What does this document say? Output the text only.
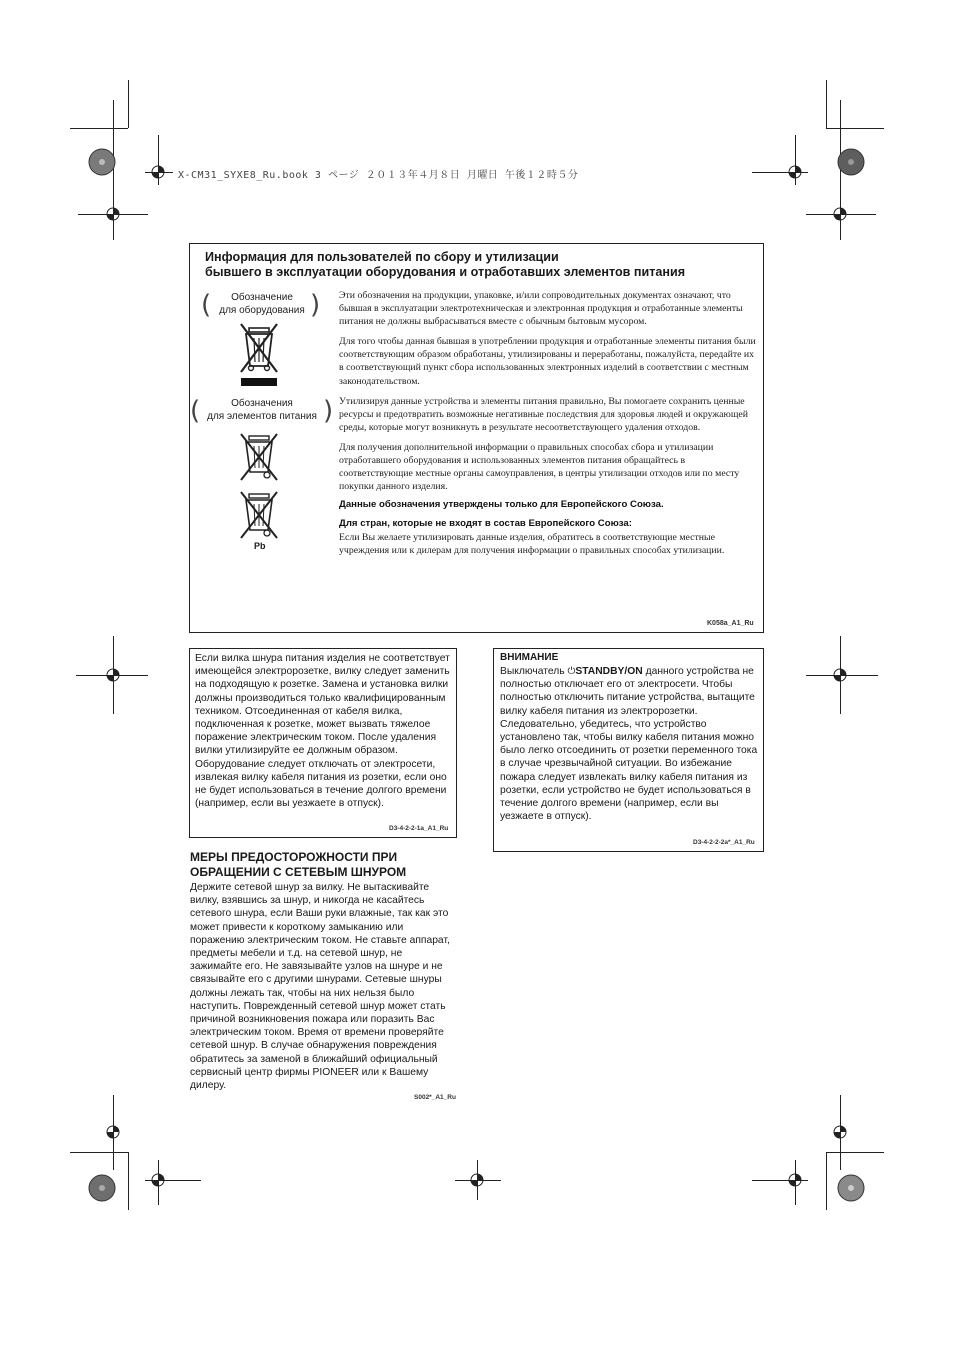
X-CM31_SYXE8_Ru.book 3 ページ ２０１３年４月８日 月曜日 午後１２時５分
Информация для пользователей по сбору и утилизации
бывшего в эксплуатации оборудования и отработавших элементов питания
(	Обозначение
для оборудования )
(	Обозначения
для элементов питания )
Pb

Эти обозначения на продукции, упаковке, и/или сопроводительных документах означают, что бывшая в эксплуатации электротехническая и электронная продукция и отработанные элементы питания не должны выбрасываться вместе с обычным бытовым мусором.

Для того чтобы данная бывшая в употреблении продукция и отработанные элементы питания были соответствующим образом обработаны, утилизированы и переработаны, пожалуйста, передайте их в соответствующий пункт сбора использованных электронных изделий в соответствии с местным законодательством.

Утилизируя данные устройства и элементы питания правильно, Вы помогаете сохранить ценные ресурсы и предотвратить возможные негативные последствия для здоровья людей и окружающей среды, которые могут возникнуть в результате несоответствующего удаления отходов.

Для получения дополнительной информации о правильных способах сбора и утилизации отработавшего оборудования и использованных элементов питания обращайтесь в соответствующие местные органы самоуправления, в центры утилизации отходов или по месту покупки данного изделия.

Данные обозначения утверждены только для Европейского Союза.
Для стран, которые не входят в состав Европейского Союза:

Если Вы желаете утилизировать данные изделия, обратитесь в соответствующие местные учреждения или к дилерам для получения информации о правильных способах утилизации.

K058a_A1_Ru

Если вилка шнура питания изделия не соответствует имеющейся электророзетке, вилку следует заменить на подходящую к розетке. Замена и установка вилки должны производиться только квалифицированным техником. Отсоединенная от кабеля вилка, подключенная к розетке, может вызвать тяжелое поражение электрическим током. После удаления вилки утилизируйте ее должным образом. Оборудование следует отключать от электросети, извлекая вилку кабеля питания из розетки, если оно не будет использоваться в течение долгого времени (например, если вы уезжаете в отпуск).

D3-4-2-2-1a_A1_Ru
ВНИМАНИЕ

Выключатель ⏻STANDBY/ON данного устройства не полностью отключает его от электросети. Чтобы полностью отключить питание устройства, вытащите вилку кабеля питания из электророзетки. Следовательно, убедитесь, что устройство установлено так, чтобы вилку кабеля питания можно было легко отсоединить от розетки переменного тока в случае чрезвычайной ситуации. Во избежание пожара следует извлекать вилку кабеля питания из розетки, если устройство не будет использоваться в течение долгого времени (например, если вы уезжаете в отпуск).

D3-4-2-2-2a*_A1_Ru
МЕРЫ ПРЕДОСТОРОЖНОСТИ ПРИ
ОБРАЩЕНИИ С СЕТЕВЫМ ШНУРОМ

Держите сетевой шнур за вилку. Не вытаскивайте вилку, взявшись за шнур, и никогда не касайтесь сетевого шнура, если Ваши руки влажные, так как это может привести к короткому замыканию или поражению электрическим током. Не ставьте аппарат, предметы мебели и т.д. на сетевой шнур, не зажимайте его. Не завязывайте узлов на шнуре и не связывайте его с другими шнурами. Сетевые шнуры должны лежать так, чтобы на них нельзя было наступить. Поврежденный сетевой шнур может стать причиной возникновения пожара или поразить Вас электрическим током. Время от времени проверяйте сетевой шнур. В случае обнаружения повреждения обратитесь за заменой в ближайший официальный сервисный центр фирмы PIONEER или к Вашему дилеру.

S002*_A1_Ru
